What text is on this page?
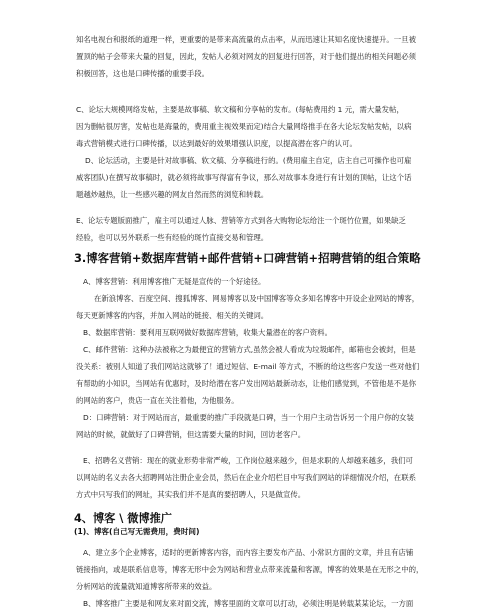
知名电视台和报纸的道理一样，更重要的是带来高流量的点击率，从而迅速让其知名度快速提升。一旦被
置顶的帖子会带来大量的回复，因此，发帖人必须对网友的回复进行回答，对于他们提出的相关问题必须
积极回答，这也是口碑传播的重要手段。
C、论坛大规模网络发帖，主要是故事稿、软文稿和分享帖的发布。(每帖费用约 1 元，需大量发帖，
因为删帖很厉害，发帖也是海量的，费用重主视效果而定)结合大量网络推手在各大论坛发帖发帖，以病
毒式营销模式进行口碑传播，以达到最好的效果增强认识度，以提高潜在客户的认可。
D、论坛活动，主要是针对故事稿、软文稿、分享稿进行的。(费用雇主自定，店主自己可操作也可雇
威客团队)在撰写故事稿时，就必须将故事写得富有争议，那么对故事本身进行有计划的顶帖，让这个话
题越炒越热，让一些感兴趣的网友自然而然的浏览和转载。
E、论坛专题版面推广，雇主可以通过人脉、营销等方式到各大购物论坛给注一个斑竹位置，如果缺乏
经验，也可以另外联系一些有经验的斑竹直接交易和管理。
3.博客营销+数据库营销+邮件营销+口碑营销+招聘营销的组合策略
A、博客营销：利用博客推广无疑是宣传的一个好途径。
在新浪博客、百度空间、搜狐博客、网易博客以及中国博客等众多知名博客中开设企业网站的博客，
每天更新博客的内容，并加入网站的链接、相关的关键词。
B、数据库营销：要利用互联网做好数据库营销，收集大量潜在的客户资料。
C、邮件营销：这种办法被称之为最便宜的营销方式,虽然会被人看成为垃圾邮件，邮箱也会被封，但是
没关系：被别人知道了我们网站这就够了！通过短信、E-mail 等方式，不断的给这些客户发送一些对他们
有帮助的小知识，当网站有优惠时，及时给潜在客户发出网站最新动态，让他们感觉到，不管他是不是你
的网站的客户，贵店一直在关注着他，为他服务。
D：口碑营销：对于网站而言，最重要的推广手段就是口碑，当一个用户主动告诉另一个用户你的女装
网站的时候，就做好了口碑营销，但这需要大量的时间，回访老客户。
E、招聘名义营销：现在的就业形势非常严峻，工作岗位越来越少，但是求职的人却越来越多，我们可
以网站的名义去各大招聘网站注册企业会员，然后在企业介绍栏目中写我们网站的详细情况介绍，在联系
方式中只写我们的网址，其实我们并不是真的要招聘人，只是做宣传。
4、博客 \ 微博推广
(1)、博客(自己写无需费用，费时间)
A、建立多个企业博客，适时的更新博客内容，而内容主要发布产品、小常识方面的文章，并且有店铺
链接指向，或是联系信息等，博客无形中会为网站和营业点带来流量和客源，博客的效果是在无形之中的，
分析网站的流量就知道博客所带来的效益。
B、博客推广主要是和网友来对面交流，博客里面的文章可以打动，必须注明是转载某某论坛，一方面
